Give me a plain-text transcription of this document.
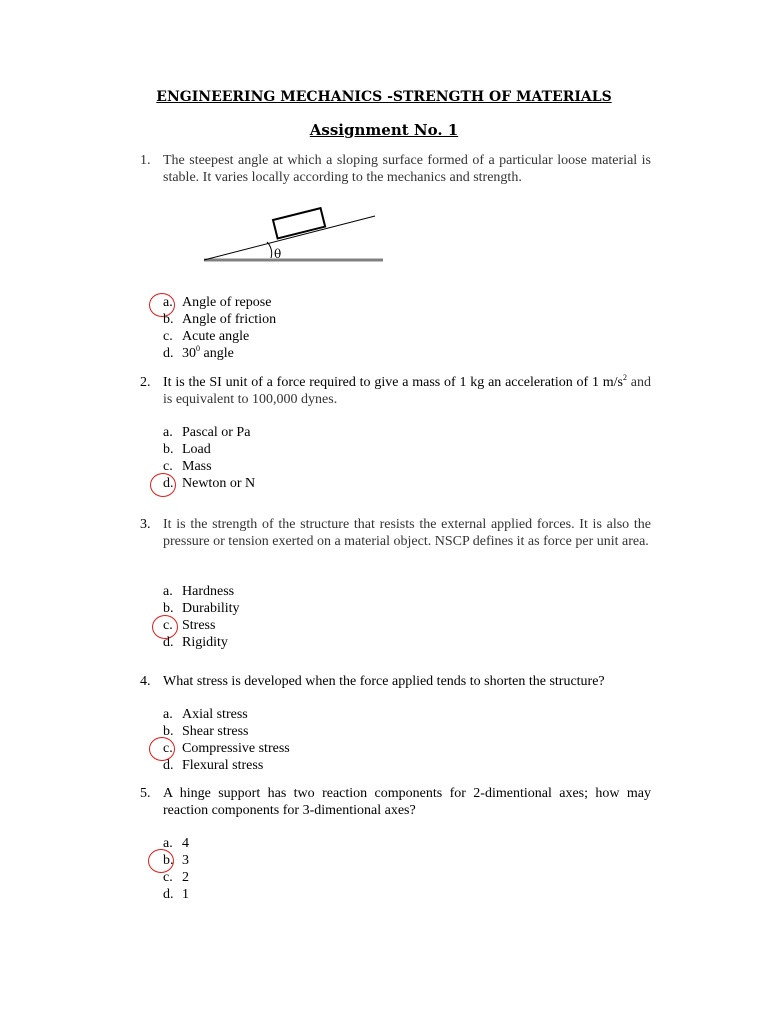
ENGINEERING MECHANICS -STRENGTH OF MATERIALS
Assignment No. 1
1. The steepest angle at which a sloping surface formed of a particular loose material is stable. It varies locally according to the mechanics and strength.
θ
a. Angle of repose
b. Angle of friction
c. Acute angle
d. $30^0$ angle
2. It is the SI unit of a force required to give a mass of 1 kg an acceleration of 1 $m/s^2$ and is equivalent to 100,000 dynes.
a. Pascal or Pa
b. Load
c. Mass
d. Newton or N
3. It is the strength of the structure that resists the external applied forces. It is also the pressure or tension exerted on a material object. NSCP defines it as force per unit area.
a. Hardness
b. Durability
c. Stress
d. Rigidity
4. What stress is developed when the force applied tends to shorten the structure?
a. Axial stress
b. Shear stress
c. Compressive stress
d. Flexural stress
5. A hinge support has two reaction components for 2-dimentional axes; how may reaction components for 3-dimentional axes?
a. 4
b. 3
c. 2
d. 1
